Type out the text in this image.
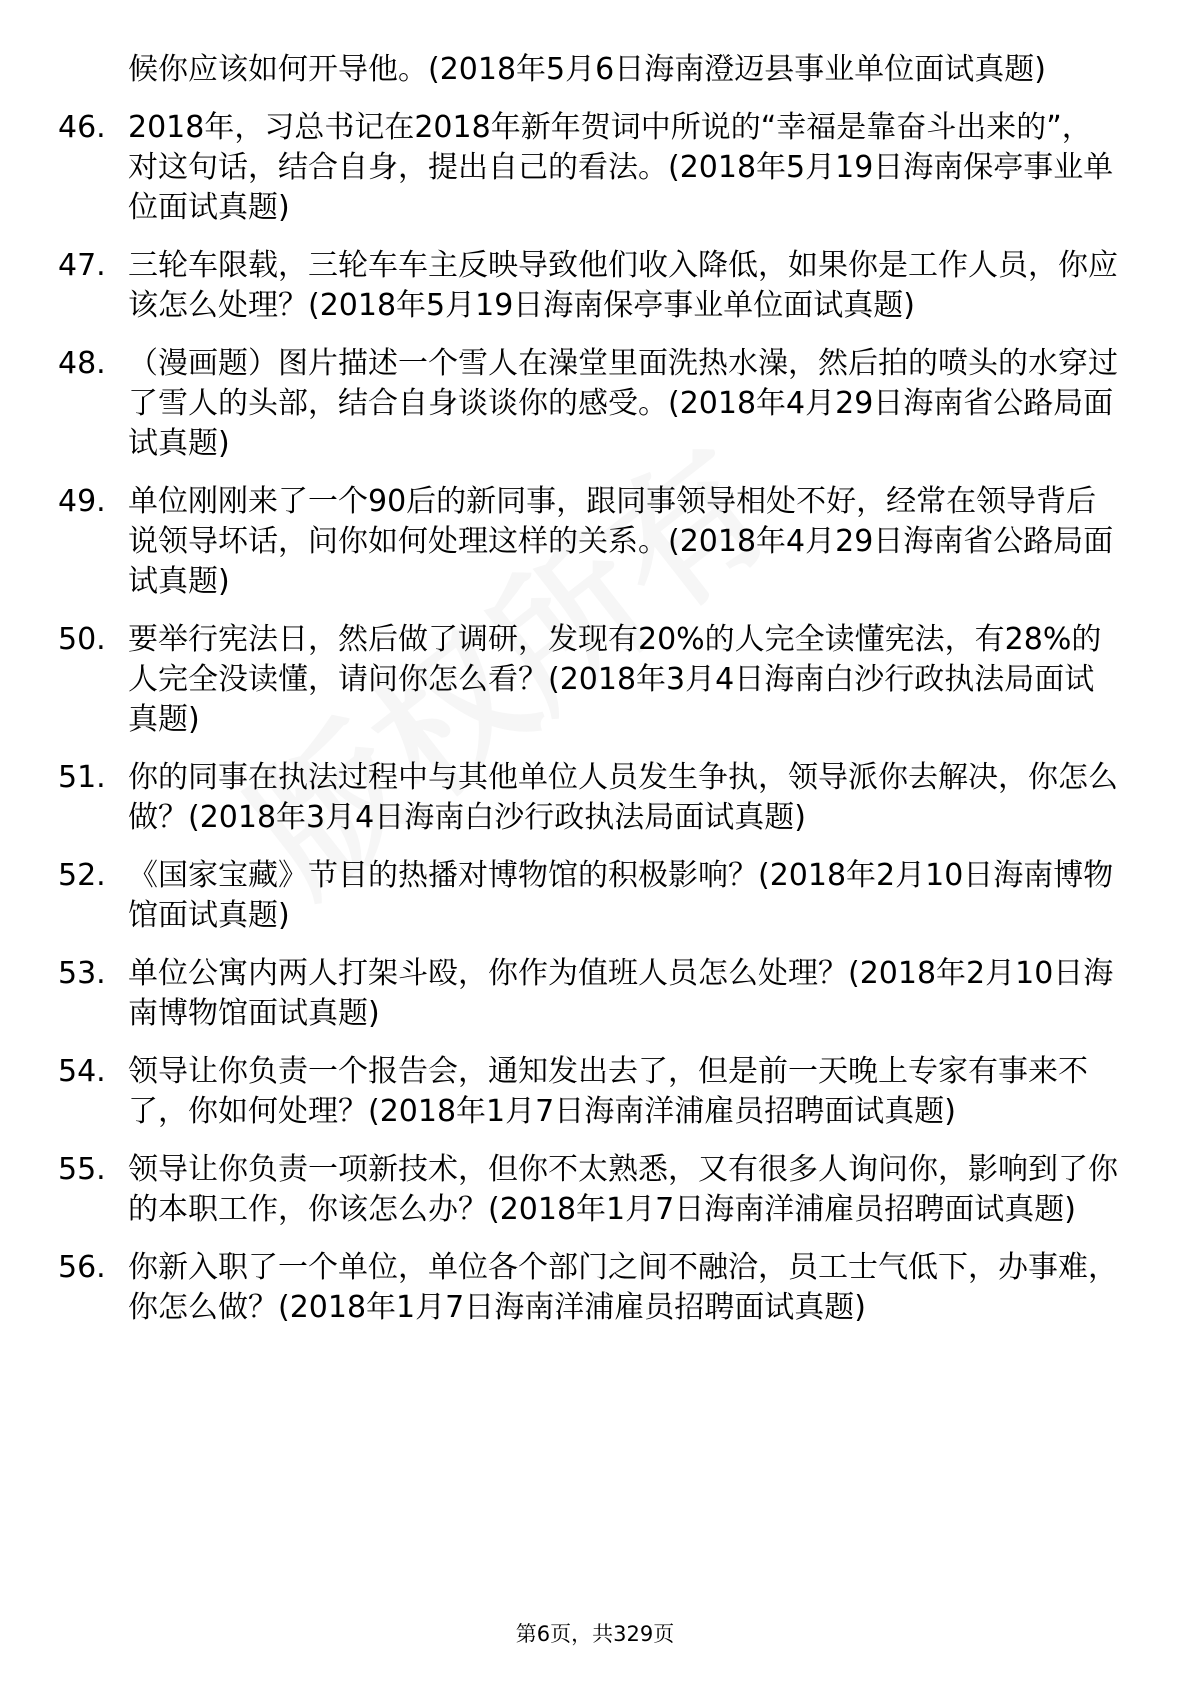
候你应该如何开导他。(2018年5月6日海南澄迈县事业单位面试真题)
46. 2018年，习总书记在2018年新年贺词中所说的“幸福是靠奋斗出来的”，对这句话，结合自身，提出自己的看法。(2018年5月19日海南保亭事业单位面试真题)
47. 三轮车限载，三轮车车主反映导致他们收入降低，如果你是工作人员，你应该怎么处理？(2018年5月19日海南保亭事业单位面试真题)
48. （漫画题）图片描述一个雪人在澡堂里面洗热水澡，然后拍的喷头的水穿过了雪人的头部，结合自身谈谈你的感受。(2018年4月29日海南省公路局面试真题)
49. 单位刚刚来了一个90后的新同事，跟同事领导相处不好，经常在领导背后说领导坏话，问你如何处理这样的关系。(2018年4月29日海南省公路局面试真题)
50. 要举行宪法日，然后做了调研，发现有20%的人完全读懂宪法，有28%的人完全没读懂，请问你怎么看？(2018年3月4日海南白沙行政执法局面试真题)
51. 你的同事在执法过程中与其他单位人员发生争执，领导派你去解决，你怎么做？(2018年3月4日海南白沙行政执法局面试真题)
52. 《国家宝藏》节目的热播对博物馆的积极影响？(2018年2月10日海南博物馆面试真题)
53. 单位公寓内两人打架斗殴，你作为值班人员怎么处理？(2018年2月10日海南博物馆面试真题)
54. 领导让你负责一个报告会，通知发出去了，但是前一天晚上专家有事来不了，你如何处理？(2018年1月7日海南洋浦雇员招聘面试真题)
55. 领导让你负责一项新技术，但你不太熟悉，又有很多人询问你，影响到了你的本职工作，你该怎么办？(2018年1月7日海南洋浦雇员招聘面试真题)
56. 你新入职了一个单位，单位各个部门之间不融洽，员工士气低下，办事难，你怎么做？(2018年1月7日海南洋浦雇员招聘面试真题)
第6页，共329页
